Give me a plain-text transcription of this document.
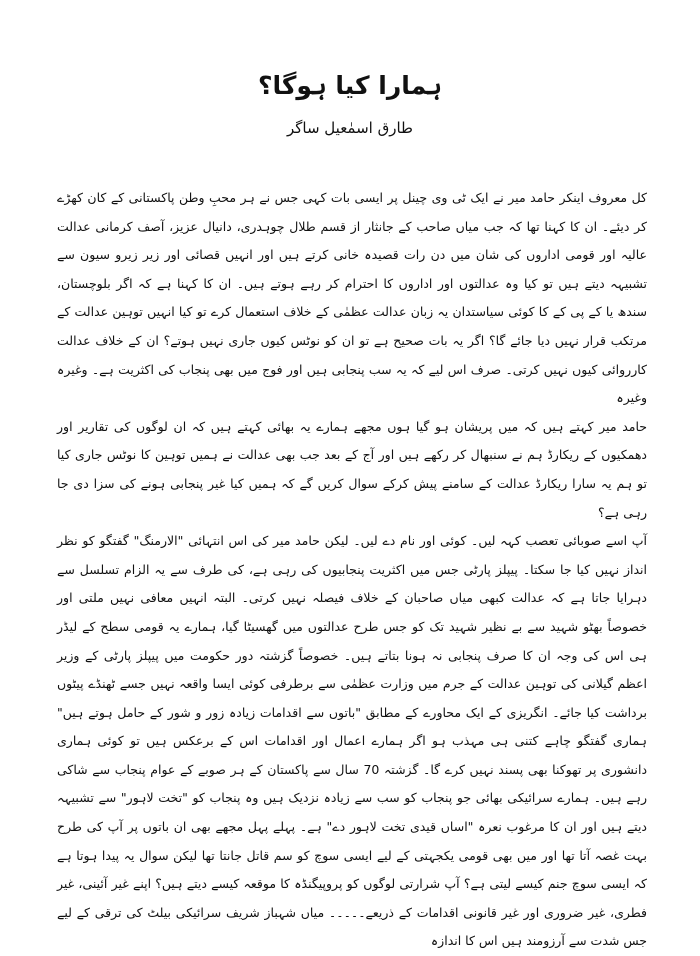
ہمارا کیا ہوگا؟
طارق اسمٰعیل ساگر

کل معروف اینکر حامد میر نے ایک ٹی وی چینل پر ایسی بات کہی جس نے ہر محبِ وطن پاکستانی کے کان کھڑے کر دیئے۔ ان کا کہنا تھا کہ جب میاں صاحب کے جانثار از قسم طلال چوہدری، دانیال عزیز، آصف کرمانی عدالت عالیہ اور قومی اداروں کی شان میں دن رات قصیدہ خانی کرتے ہیں اور انہیں قصائی اور زیر زیرو سیون سے تشبیہہ دیتے ہیں تو کیا وہ عدالتوں اور اداروں کا احترام کر رہے ہوتے ہیں۔ ان کا کہنا ہے کہ اگر بلوچستان، سندھ یا کے پی کے کا کوئی سیاستدان یہ زبان عدالت عظمٰی کے خلاف استعمال کرے تو کیا انہیں توہین عدالت کے مرتکب قرار نہیں دیا جائے گا؟ اگر یہ بات صحیح ہے تو ان کو نوٹس کیوں جاری نہیں ہوتے؟ ان کے خلاف عدالت کارروائی کیوں نہیں کرتی۔ صرف اس لیے کہ یہ سب پنجابی ہیں اور فوج میں بھی پنجاب کی اکثریت ہے۔ وغیرہ وغیرہ

حامد میر کہتے ہیں کہ میں پریشان ہو گیا ہوں مجھے ہمارے یہ بھائی کہتے ہیں کہ ان لوگوں کی تقاریر اور دھمکیوں کے ریکارڈ ہم نے سنبھال کر رکھے ہیں اور آج کے بعد جب بھی عدالت نے ہمیں توہین کا نوٹس جاری کیا تو ہم یہ سارا ریکارڈ عدالت کے سامنے پیش کرکے سوال کریں گے کہ ہمیں کیا غیر پنجابی ہونے کی سزا دی جا رہی ہے؟

آپ اسے صوبائی تعصب کہہ لیں۔ کوئی اور نام دے لیں۔ لیکن حامد میر کی اس انتہائی "الارمنگ" گفتگو کو نظر انداز نہیں کیا جا سکتا۔ پیپلز پارٹی جس میں اکثریت پنجابیوں کی رہی ہے، کی طرف سے یہ الزام تسلسل سے دہرایا جاتا ہے کہ عدالت کبھی میاں صاحبان کے خلاف فیصلہ نہیں کرتی۔ البتہ انہیں معافی نہیں ملتی اور خصوصاً بھٹو شہید سے بے نظیر شہید تک کو جس طرح عدالتوں میں گھسیٹا گیا، ہمارے یہ قومی سطح کے لیڈر ہی اس کی وجہ ان کا صرف پنجابی نہ ہونا بتاتے ہیں۔ خصوصاً گزشتہ دور حکومت میں پیپلز پارٹی کے وزیر اعظم گیلانی کی توہین عدالت کے جرم میں وزارت عظمٰی سے برطرفی کوئی ایسا واقعہ نہیں جسے ٹھنڈے پیٹوں برداشت کیا جائے۔ انگریزی کے ایک محاورے کے مطابق "باتوں سے اقدامات زیادہ زور و شور کے حامل ہوتے ہیں" ہماری گفتگو چاہے کتنی ہی مہذب ہو اگر ہمارے اعمال اور اقدامات اس کے برعکس ہیں تو کوئی ہماری دانشوری پر تھوکنا بھی پسند نہیں کرے گا۔ گزشتہ 70 سال سے پاکستان کے ہر صوبے کے عوام پنجاب سے شاکی رہے ہیں۔ ہمارے سرائیکی بھائی جو پنجاب کو سب سے زیادہ نزدیک ہیں وہ پنجاب کو "تخت لاہور" سے تشبیہہ دیتے ہیں اور ان کا مرغوب نعرہ "اساں قیدی تخت لاہور دے" ہے۔ پہلے پہل مجھے بھی ان باتوں پر آپ کی طرح بہت غصہ آتا تھا اور میں بھی قومی یکجہتی کے لیے ایسی سوچ کو سم قاتل جانتا تھا لیکن سوال یہ پیدا ہوتا ہے کہ ایسی سوچ جنم کیسے لیتی ہے؟ آپ شرارتی لوگوں کو پروپیگنڈہ کا موقعہ کیسے دیتے ہیں؟ اپنے غیر آئینی، غیر فطری، غیر ضروری اور غیر قانونی اقدامات کے ذریعے۔۔۔۔۔ میاں شہباز شریف سرائیکی بیلٹ کی ترقی کے لیے جس شدت سے آرزومند ہیں اس کا اندازہ
